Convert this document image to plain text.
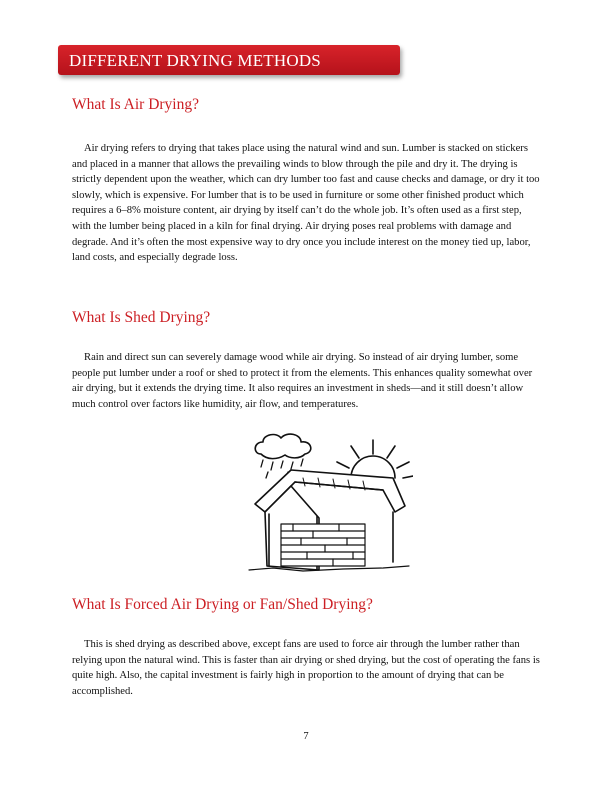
DIFFERENT DRYING METHODS
What Is Air Drying?

Air drying refers to drying that takes place using the natural wind and sun. Lumber is stacked on stickers and placed in a manner that allows the prevailing winds to blow through the pile and dry it. The drying is strictly dependent upon the weather, which can dry lumber too fast and cause checks and damage, or dry it too slowly, which is expensive. For lumber that is to be used in furniture or some other finished product which requires a 6–8% moisture content, air drying by itself can’t do the whole job. It’s often used as a first step, with the lumber being placed in a kiln for final drying. Air drying poses real problems with damage and degrade. And it’s often the most expensive way to dry once you include interest on the money tied up, labor, land costs, and especially degrade loss.

What Is Shed Drying?

Rain and direct sun can severely damage wood while air drying. So instead of air drying lumber, some people put lumber under a roof or shed to protect it from the elements. This enhances quality somewhat over air drying, but it extends the drying time. It also requires an investment in sheds—and it still doesn’t allow much control over factors like humidity, air flow, and temperatures.

What Is Forced Air Drying or Fan/Shed Drying?

This is shed drying as described above, except fans are used to force air through the lumber rather than relying upon the natural wind. This is faster than air drying or shed drying, but the cost of operating the fans is quite high. Also, the capital investment is fairly high in proportion to the amount of drying that can be accomplished.

7
